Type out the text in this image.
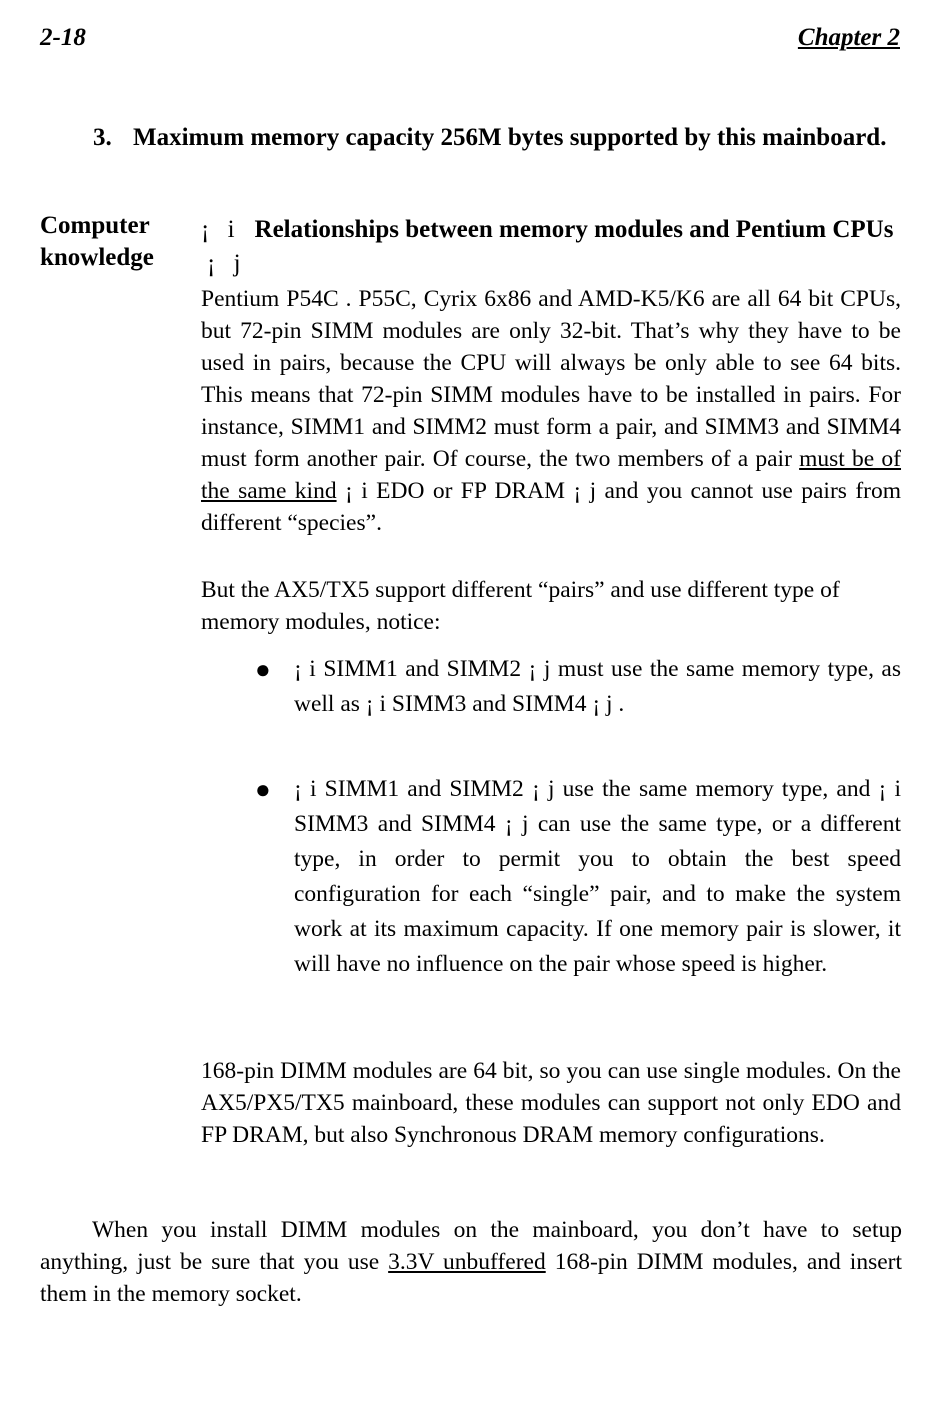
2-18	Chapter 2
3. Maximum memory capacity 256M bytes supported by this mainboard.
Computer
knowledge
¡ i Relationships between memory modules and Pentium CPUs ¡ j
Pentium P54C . P55C, Cyrix 6x86 and AMD-K5/K6 are all 64 bit CPUs, but 72-pin SIMM modules are only 32-bit. That’s why they have to be used in pairs, because the CPU will always be only able to see 64 bits. This means that 72-pin SIMM modules have to be installed in pairs. For instance, SIMM1 and SIMM2 must form a pair, and SIMM3 and SIMM4 must form another pair. Of course, the two members of a pair must be of the same kind ¡ i EDO or FP DRAM ¡ j and you cannot use pairs from different “species”.
But the AX5/TX5 support different “pairs” and use different type of memory modules, notice:
● ¡ i SIMM1 and SIMM2 ¡ j must use the same memory type, as well as ¡ i SIMM3 and SIMM4 ¡ j .
● ¡ i SIMM1 and SIMM2 ¡ j use the same memory type, and ¡ i SIMM3 and SIMM4 ¡ j can use the same type, or a different type, in order to permit you to obtain the best speed configuration for each “single” pair, and to make the system work at its maximum capacity. If one memory pair is slower, it will have no influence on the pair whose speed is higher.
168-pin DIMM modules are 64 bit, so you can use single modules. On the AX5/PX5/TX5 mainboard, these modules can support not only EDO and FP DRAM, but also Synchronous DRAM memory configurations.
When you install DIMM modules on the mainboard, you don’t have to setup anything, just be sure that you use 3.3V unbuffered 168-pin DIMM modules, and insert them in the memory socket.
